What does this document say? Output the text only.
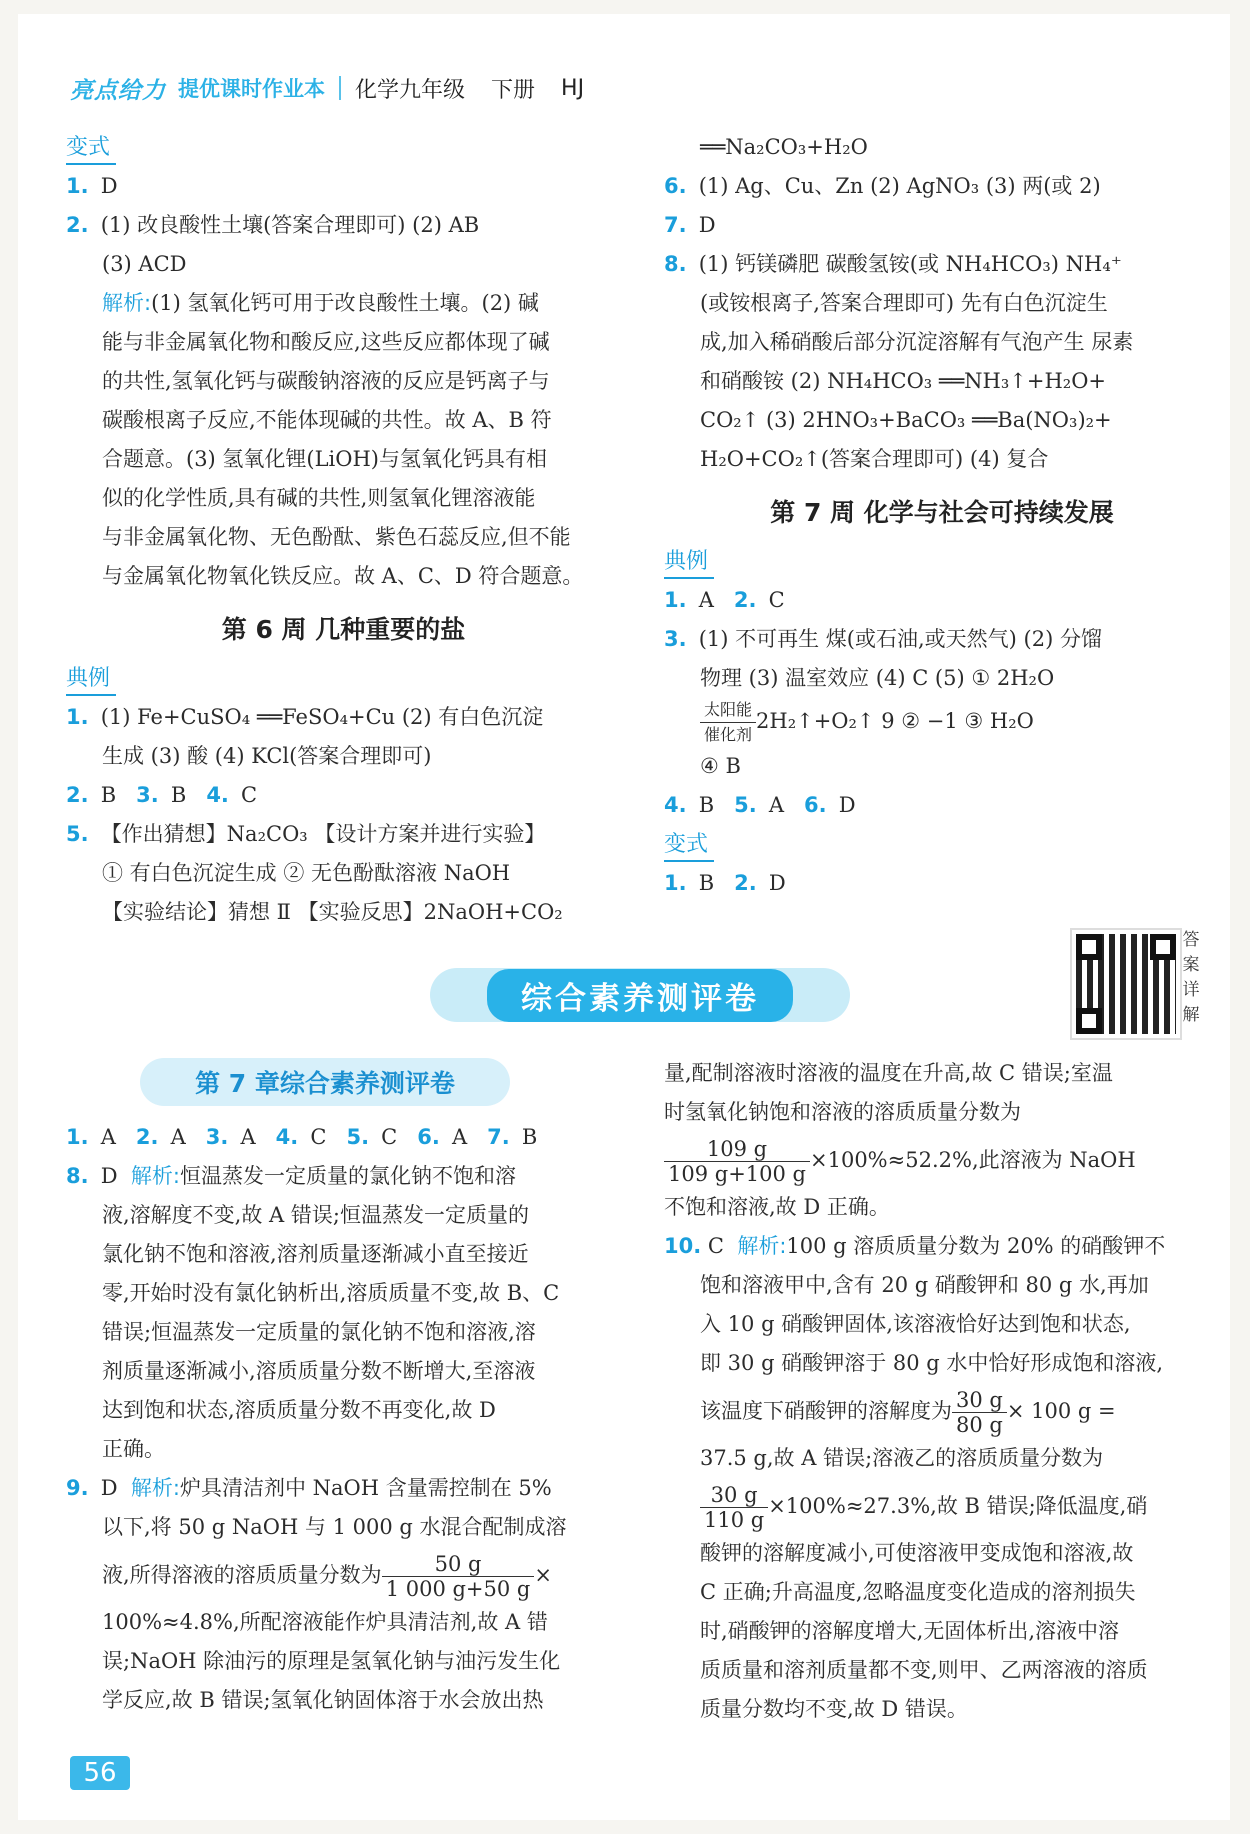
亮点给力 提优课时作业本 化学九年级 下册 HJ
变式
1. D
2. (1) 改良酸性土壤(答案合理即可) (2) AB
(3) ACD
解析:(1) 氢氧化钙可用于改良酸性土壤。(2) 碱
能与非金属氧化物和酸反应,这些反应都体现了碱
的共性,氢氧化钙与碳酸钠溶液的反应是钙离子与
碳酸根离子反应,不能体现碱的共性。故 A、B 符
合题意。(3) 氢氧化锂(LiOH)与氢氧化钙具有相
似的化学性质,具有碱的共性,则氢氧化锂溶液能
与非金属氧化物、无色酚酞、紫色石蕊反应,但不能
与金属氧化物氧化铁反应。故 A、C、D 符合题意。
第 6 周 几种重要的盐
典例
1. (1) Fe+CuSO₄ ══FeSO₄+Cu (2) 有白色沉淀
生成 (3) 酸 (4) KCl(答案合理即可)
2. B 3. B 4. C
5. 【作出猜想】Na₂CO₃ 【设计方案并进行实验】
① 有白色沉淀生成 ② 无色酚酞溶液 NaOH
【实验结论】猜想 Ⅱ 【实验反思】2NaOH+CO₂
══Na₂CO₃+H₂O
6. (1) Ag、Cu、Zn (2) AgNO₃ (3) 两(或 2)
7. D
8. (1) 钙镁磷肥 碳酸氢铵(或 NH₄HCO₃) NH₄⁺
(或铵根离子,答案合理即可) 先有白色沉淀生
成,加入稀硝酸后部分沉淀溶解有气泡产生 尿素
和硝酸铵 (2) NH₄HCO₃ ══NH₃↑+H₂O+
CO₂↑ (3) 2HNO₃+BaCO₃ ══Ba(NO₃)₂+
H₂O+CO₂↑(答案合理即可) (4) 复合
第 7 周 化学与社会可持续发展
典例
1. A 2. C
3. (1) 不可再生 煤(或石油,或天然气) (2) 分馏
物理 (3) 温室效应 (4) C (5) ① 2H₂O
$\frac{\text{太阳能}}{\text{催化剂}}$ 2H₂↑+O₂↑ 9 ② −1 ③ H₂O
④ B
4. B 5. A 6. D
变式
1. B 2. D
答
案
详
解
综合素养测评卷
第 7 章综合素养测评卷
1. A 2. A 3. A 4. C 5. C 6. A 7. B
8. D 解析:恒温蒸发一定质量的氯化钠不饱和溶
液,溶解度不变,故 A 错误;恒温蒸发一定质量的
氯化钠不饱和溶液,溶剂质量逐渐减小直至接近
零,开始时没有氯化钠析出,溶质质量不变,故 B、C
错误;恒温蒸发一定质量的氯化钠不饱和溶液,溶
剂质量逐渐减小,溶质质量分数不断增大,至溶液
达到饱和状态,溶质质量分数不再变化,故 D
正确。
9. D 解析:炉具清洁剂中 NaOH 含量需控制在 5%
以下,将 50 g NaOH 与 1 000 g 水混合配制成溶
液,所得溶液的溶质质量分数为 $\frac{50 g}{1 000 g+50 g}$ ×
100%≈4.8%,所配溶液能作炉具清洁剂,故 A 错
误;NaOH 除油污的原理是氢氧化钠与油污发生化
学反应,故 B 错误;氢氧化钠固体溶于水会放出热
量,配制溶液时溶液的温度在升高,故 C 错误;室温
时氢氧化钠饱和溶液的溶质质量分数为
$\frac{109 g}{109 g+100 g} \times 100\%\approx 52.2\%$,此溶液为 NaOH
不饱和溶液,故 D 正确。
10. C 解析:100 g 溶质质量分数为 20% 的硝酸钾不
饱和溶液甲中,含有 20 g 硝酸钾和 80 g 水,再加
入 10 g 硝酸钾固体,该溶液恰好达到饱和状态,
即 30 g 硝酸钾溶于 80 g 水中恰好形成饱和溶液,
该温度下硝酸钾的溶解度为 $\frac{30 g}{80 g} \times 100$ g =
37.5 g,故 A 错误;溶液乙的溶质质量分数为
$\frac{30 g}{110 g} \times 100\%\approx 27.3\%$,故 B 错误;降低温度,硝
酸钾的溶解度减小,可使溶液甲变成饱和溶液,故
C 正确;升高温度,忽略温度变化造成的溶剂损失
时,硝酸钾的溶解度增大,无固体析出,溶液中溶
质质量和溶剂质量都不变,则甲、乙两溶液的溶质
质量分数均不变,故 D 错误。
56
